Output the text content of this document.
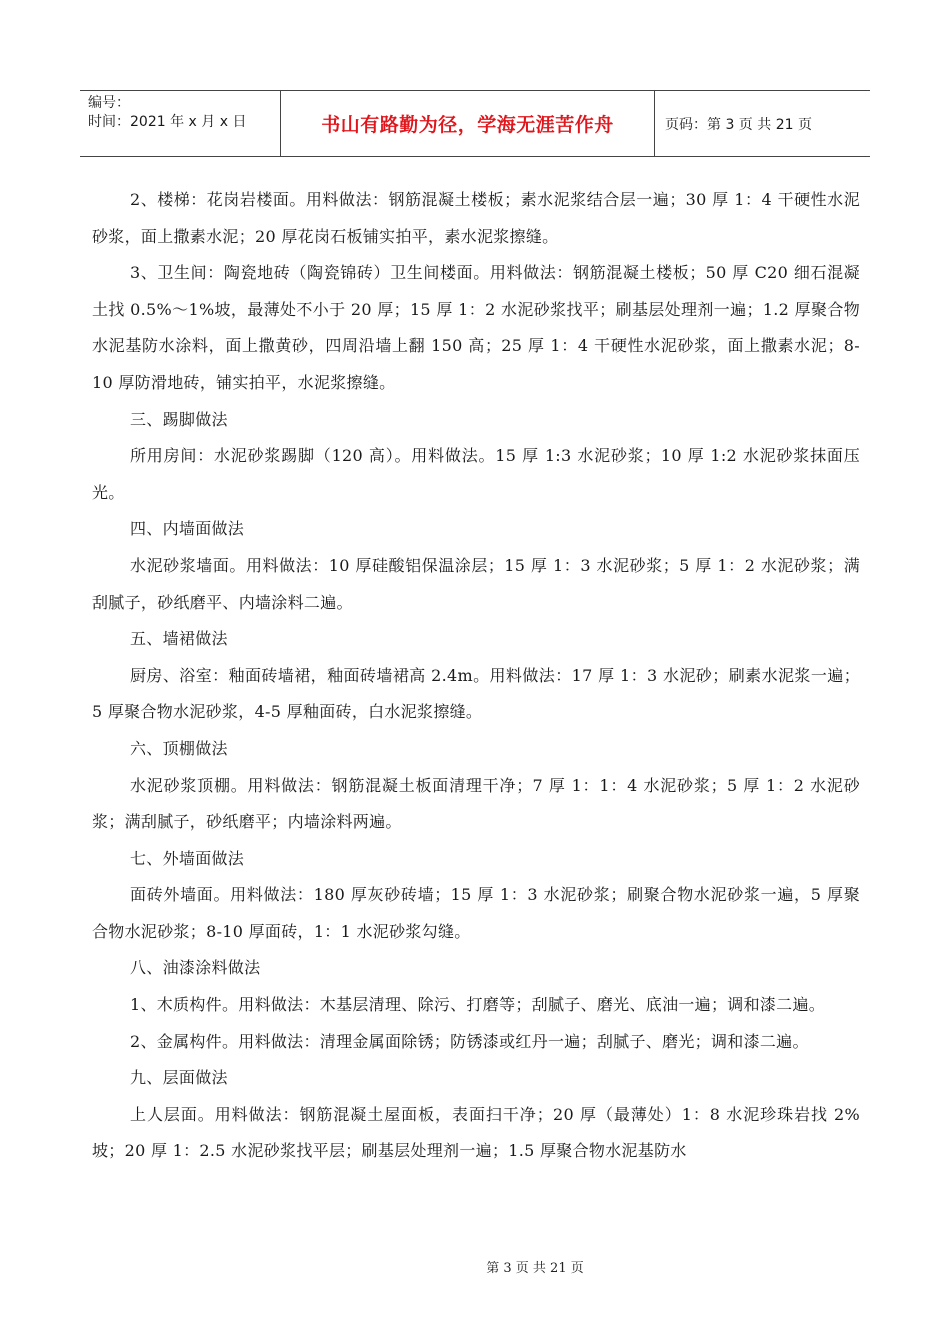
编号：
时间：2021 年 x 月 x 日	书山有路勤为径，学海无涯苦作舟	页码：第 3 页 共 21 页

2、楼梯：花岗岩楼面。用料做法：钢筋混凝土楼板；素水泥浆结合层一遍；30 厚 1：4 干硬性水泥砂浆，面上撒素水泥；20 厚花岗石板铺实拍平，素水泥浆擦缝。

3、卫生间：陶瓷地砖（陶瓷锦砖）卫生间楼面。用料做法：钢筋混凝土楼板；50 厚 C20 细石混凝土找 0.5%～1%坡，最薄处不小于 20 厚；15 厚 1：2 水泥砂浆找平；刷基层处理剂一遍；1.2 厚聚合物水泥基防水涂料，面上撒黄砂，四周沿墙上翻 150 高；25 厚 1：4 干硬性水泥砂浆，面上撒素水泥；8-10 厚防滑地砖，铺实拍平，水泥浆擦缝。

三、踢脚做法

所用房间：水泥砂浆踢脚（120 高）。用料做法。15 厚 1:3 水泥砂浆；10 厚 1:2 水泥砂浆抹面压光。

四、内墙面做法

水泥砂浆墙面。用料做法：10 厚硅酸铝保温涂层；15 厚 1：3 水泥砂浆；5 厚 1：2 水泥砂浆；满刮腻子，砂纸磨平、内墙涂料二遍。

五、墙裙做法

厨房、浴室：釉面砖墙裙，釉面砖墙裙高 2.4m。用料做法：17 厚 1：3 水泥砂；刷素水泥浆一遍；5 厚聚合物水泥砂浆，4-5 厚釉面砖，白水泥浆擦缝。

六、顶棚做法

水泥砂浆顶棚。用料做法：钢筋混凝土板面清理干净；7 厚 1：1：4 水泥砂浆；5 厚 1：2 水泥砂浆；满刮腻子，砂纸磨平；内墙涂料两遍。

七、外墙面做法

面砖外墙面。用料做法：180 厚灰砂砖墙；15 厚 1：3 水泥砂浆；刷聚合物水泥砂浆一遍，5 厚聚合物水泥砂浆；8-10 厚面砖，1：1 水泥砂浆勾缝。

八、油漆涂料做法

1、木质构件。用料做法：木基层清理、除污、打磨等；刮腻子、磨光、底油一遍；调和漆二遍。

2、金属构件。用料做法：清理金属面除锈；防锈漆或红丹一遍；刮腻子、磨光；调和漆二遍。

九、层面做法

上人层面。用料做法：钢筋混凝土屋面板，表面扫干净；20 厚（最薄处）1：8 水泥珍珠岩找 2%坡；20 厚 1：2.5 水泥砂浆找平层；刷基层处理剂一遍；1.5 厚聚合物水泥基防水

第 3 页 共 21 页
